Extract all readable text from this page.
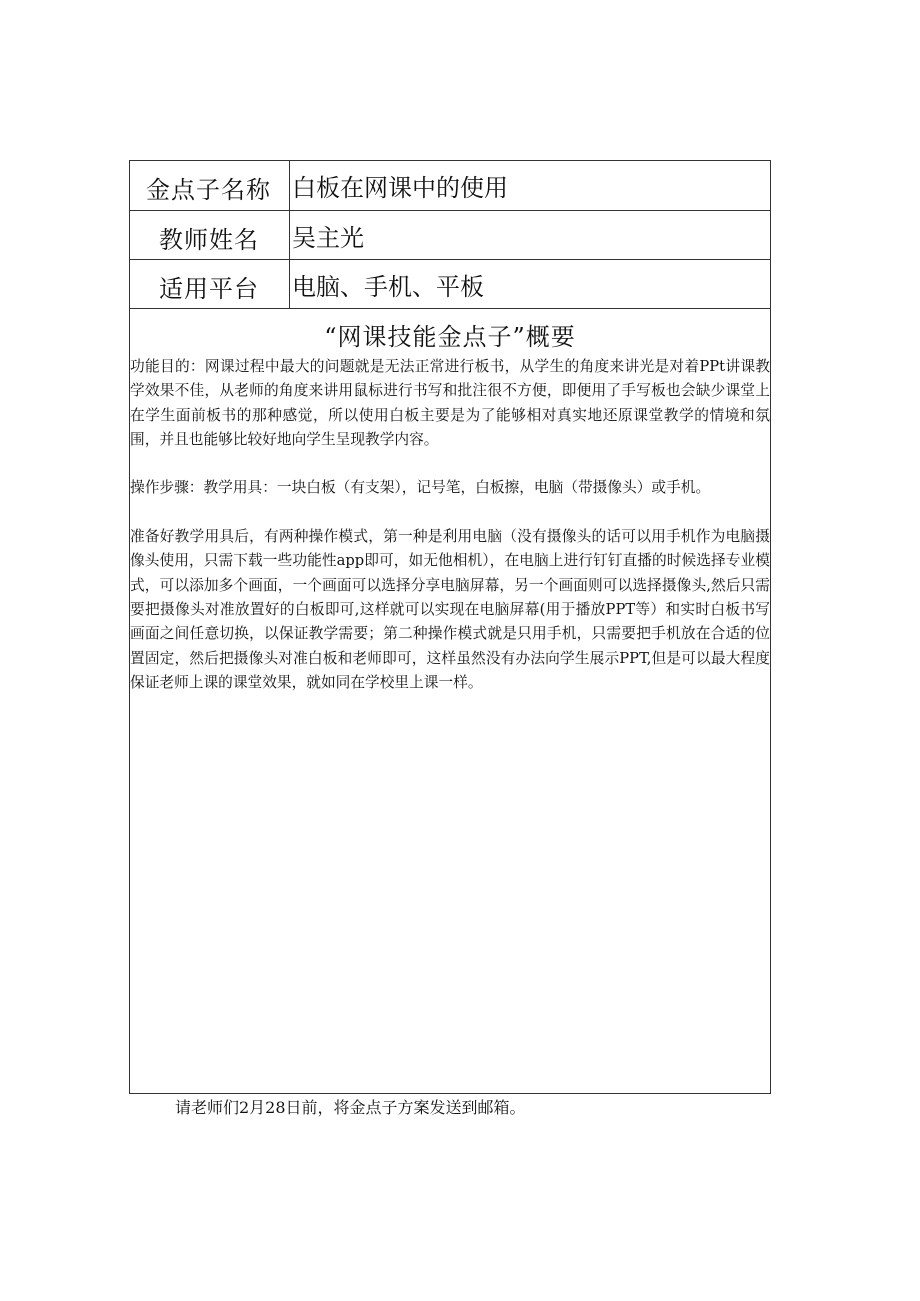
金点子名称 白板在网课中的使用
教师姓名	吴主光
适用平台	电脑、手机、平板
“网课技能金点子”概要

功能目的：网课过程中最大的问题就是无法正常进行板书，从学生的角度来讲光是对着PPt讲课教学效果不佳，从老师的角度来讲用鼠标进行书写和批注很不方便，即便用了手写板也会缺少课堂上在学生面前板书的那种感觉，所以使用白板主要是为了能够相对真实地还原课堂教学的情境和氛围，并且也能够比较好地向学生呈现教学内容。

操作步骤：教学用具：一块白板（有支架），记号笔，白板擦，电脑（带摄像头）或手机。

准备好教学用具后，有两种操作模式，第一种是利用电脑（没有摄像头的话可以用手机作为电脑摄像头使用，只需下载一些功能性app即可，如无他相机），在电脑上进行钉钉直播的时候选择专业模式，可以添加多个画面，一个画面可以选择分享电脑屏幕，另一个画面则可以选择摄像头,然后只需要把摄像头对准放置好的白板即可,这样就可以实现在电脑屏幕(用于播放PPT等）和实时白板书写画面之间任意切换，以保证教学需要；第二种操作模式就是只用手机，只需要把手机放在合适的位置固定，然后把摄像头对准白板和老师即可，这样虽然没有办法向学生展示PPT,但是可以最大程度保证老师上课的课堂效果，就如同在学校里上课一样。

请老师们2月28日前，将金点子方案发送到邮箱。
